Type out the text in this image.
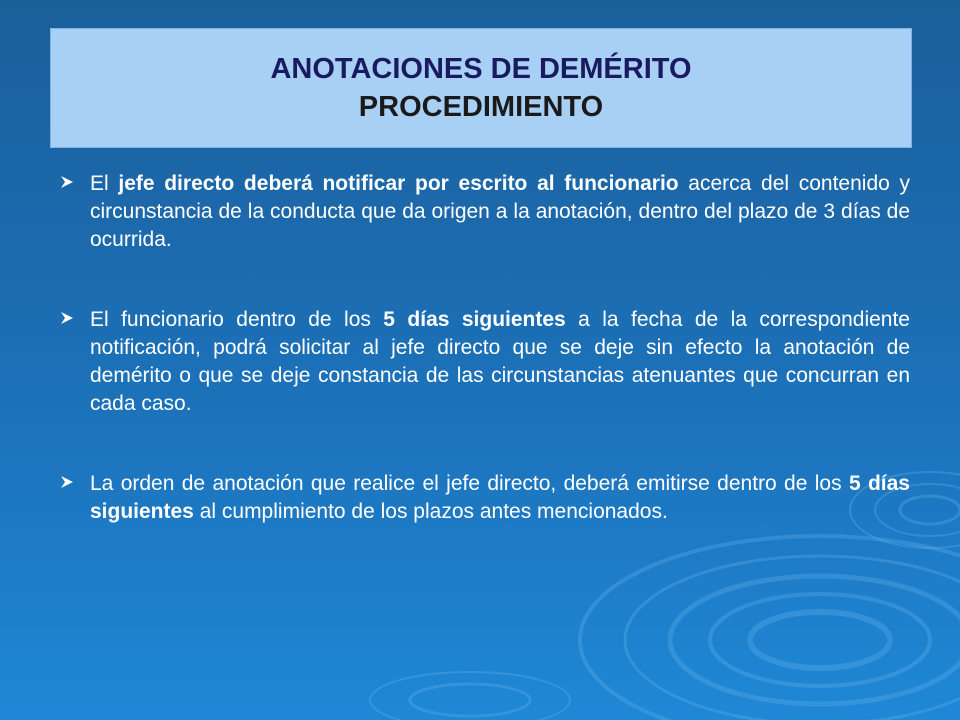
ANOTACIONES DE DEMÉRITO
PROCEDIMIENTO
El jefe directo deberá notificar por escrito al funcionario acerca del contenido y circunstancia de la conducta que da origen a la anotación, dentro del plazo de 3 días de ocurrida.
El funcionario dentro de los 5 días siguientes a la fecha de la correspondiente notificación, podrá solicitar al jefe directo que se deje sin efecto la anotación de demérito o que se deje constancia de las circunstancias atenuantes que concurran en cada caso.
La orden de anotación que realice el jefe directo, deberá emitirse dentro de los 5 días siguientes al cumplimiento de los plazos antes mencionados.
